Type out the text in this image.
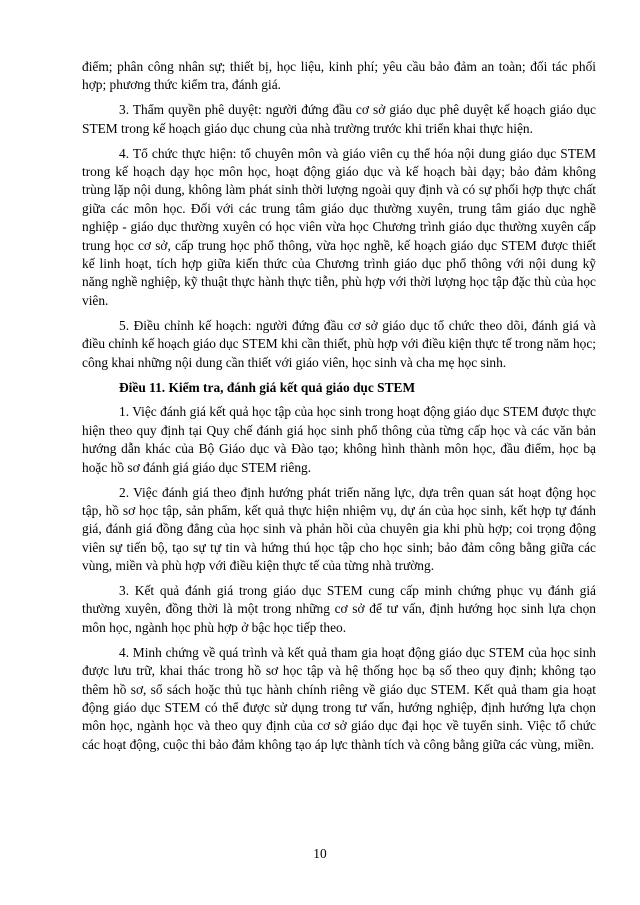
điểm; phân công nhân sự; thiết bị, học liệu, kinh phí; yêu cầu bảo đảm an toàn; đối tác phối hợp; phương thức kiểm tra, đánh giá.

3. Thẩm quyền phê duyệt: người đứng đầu cơ sở giáo dục phê duyệt kế hoạch giáo dục STEM trong kế hoạch giáo dục chung của nhà trường trước khi triển khai thực hiện.

4. Tổ chức thực hiện: tổ chuyên môn và giáo viên cụ thể hóa nội dung giáo dục STEM trong kế hoạch dạy học môn học, hoạt động giáo dục và kế hoạch bài dạy; bảo đảm không trùng lặp nội dung, không làm phát sinh thời lượng ngoài quy định và có sự phối hợp thực chất giữa các môn học. Đối với các trung tâm giáo dục thường xuyên, trung tâm giáo dục nghề nghiệp - giáo dục thường xuyên có học viên vừa học Chương trình giáo dục thường xuyên cấp trung học cơ sở, cấp trung học phổ thông, vừa học nghề, kế hoạch giáo dục STEM được thiết kế linh hoạt, tích hợp giữa kiến thức của Chương trình giáo dục phổ thông với nội dung kỹ năng nghề nghiệp, kỹ thuật thực hành thực tiễn, phù hợp với thời lượng học tập đặc thù của học viên.

5. Điều chỉnh kế hoạch: người đứng đầu cơ sở giáo dục tổ chức theo dõi, đánh giá và điều chỉnh kế hoạch giáo dục STEM khi cần thiết, phù hợp với điều kiện thực tế trong năm học; công khai những nội dung cần thiết với giáo viên, học sinh và cha mẹ học sinh.

Điều 11. Kiểm tra, đánh giá kết quả giáo dục STEM

1. Việc đánh giá kết quả học tập của học sinh trong hoạt động giáo dục STEM được thực hiện theo quy định tại Quy chế đánh giá học sinh phổ thông của từng cấp học và các văn bản hướng dẫn khác của Bộ Giáo dục và Đào tạo; không hình thành môn học, đầu điểm, học bạ hoặc hồ sơ đánh giá giáo dục STEM riêng.

2. Việc đánh giá theo định hướng phát triển năng lực, dựa trên quan sát hoạt động học tập, hồ sơ học tập, sản phẩm, kết quả thực hiện nhiệm vụ, dự án của học sinh, kết hợp tự đánh giá, đánh giá đồng đẳng của học sinh và phản hồi của chuyên gia khi phù hợp; coi trọng động viên sự tiến bộ, tạo sự tự tin và hứng thú học tập cho học sinh; bảo đảm công bằng giữa các vùng, miền và phù hợp với điều kiện thực tế của từng nhà trường.

3. Kết quả đánh giá trong giáo dục STEM cung cấp minh chứng phục vụ đánh giá thường xuyên, đồng thời là một trong những cơ sở để tư vấn, định hướng học sinh lựa chọn môn học, ngành học phù hợp ở bậc học tiếp theo.

4. Minh chứng về quá trình và kết quả tham gia hoạt động giáo dục STEM của học sinh được lưu trữ, khai thác trong hồ sơ học tập và hệ thống học bạ số theo quy định; không tạo thêm hồ sơ, sổ sách hoặc thủ tục hành chính riêng về giáo dục STEM. Kết quả tham gia hoạt động giáo dục STEM có thể được sử dụng trong tư vấn, hướng nghiệp, định hướng lựa chọn môn học, ngành học và theo quy định của cơ sở giáo dục đại học về tuyển sinh. Việc tổ chức các hoạt động, cuộc thi bảo đảm không tạo áp lực thành tích và công bằng giữa các vùng, miền.

10
